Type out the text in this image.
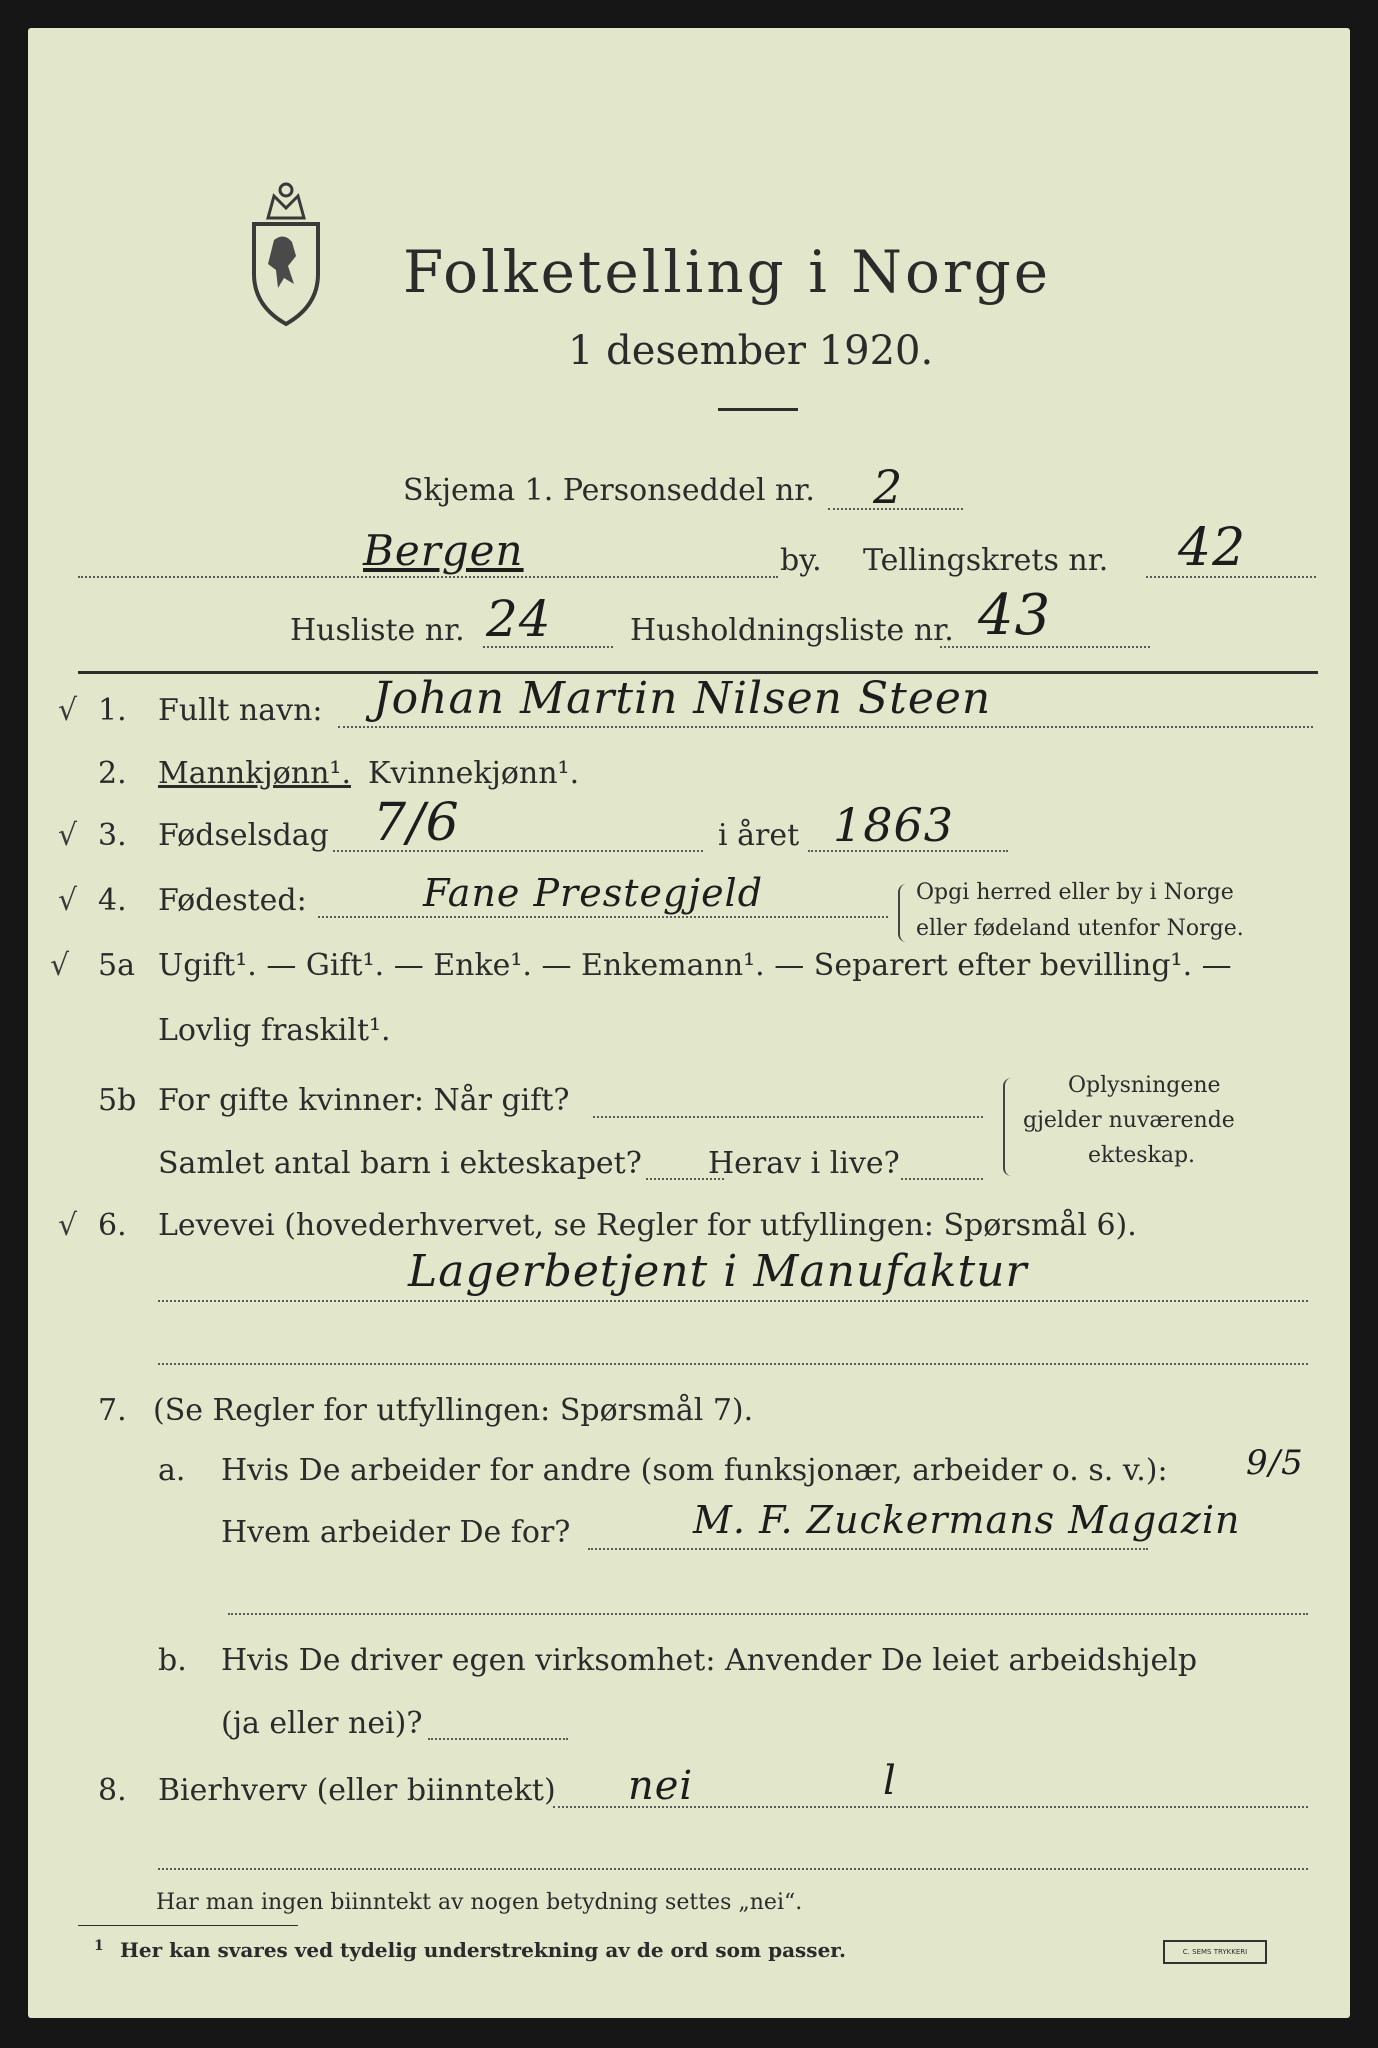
Folketelling i Norge
1 desember 1920.
Skjema 1. Personseddel nr. 2
Bergen	by. Tellingskrets nr. 42
Husliste nr. 24	Husholdningsliste nr. 43
√ 1. Fullt navn: Johan Martin Nilsen Steen
2. Mannkjønn¹. Kvinnekjønn¹.
√ 3. Fødselsdag 7/6	i året 1863
√ 4. Fødested:	Fane Prestegjeld	Opgi herred eller by i Norge
eller fødeland utenfor Norge.
√ 5a Ugift¹. — Gift¹. — Enke¹. — Enkemann¹. — Separert efter bevilling¹. —
Lovlig fraskilt¹.
5b For gifte kvinner: Når gift?
Samlet antal barn i ekteskapet? Herav i live?
Oplysningene
gjelder nuværende
ekteskap.
√ 6. Levevei (hovederhvervet, se Regler for utfyllingen: Spørsmål 6).
Lagerbetjent i Manufaktur
7. (Se Regler for utfyllingen: Spørsmål 7).
a. Hvis De arbeider for andre (som funksjonær, arbeider o. s. v.): 9/5
Hvem arbeider De for?	M. F. Zuckermans Magazin
b. Hvis De driver egen virksomhet: Anvender De leiet arbeidshjelp
(ja eller nei)?
8. Bierhverv (eller biinntekt) nei	l
Har man ingen biinntekt av nogen betydning settes „nei“.
1 Her kan svares ved tydelig understrekning av de ord som passer.	C. SEMS TRYKKERI
